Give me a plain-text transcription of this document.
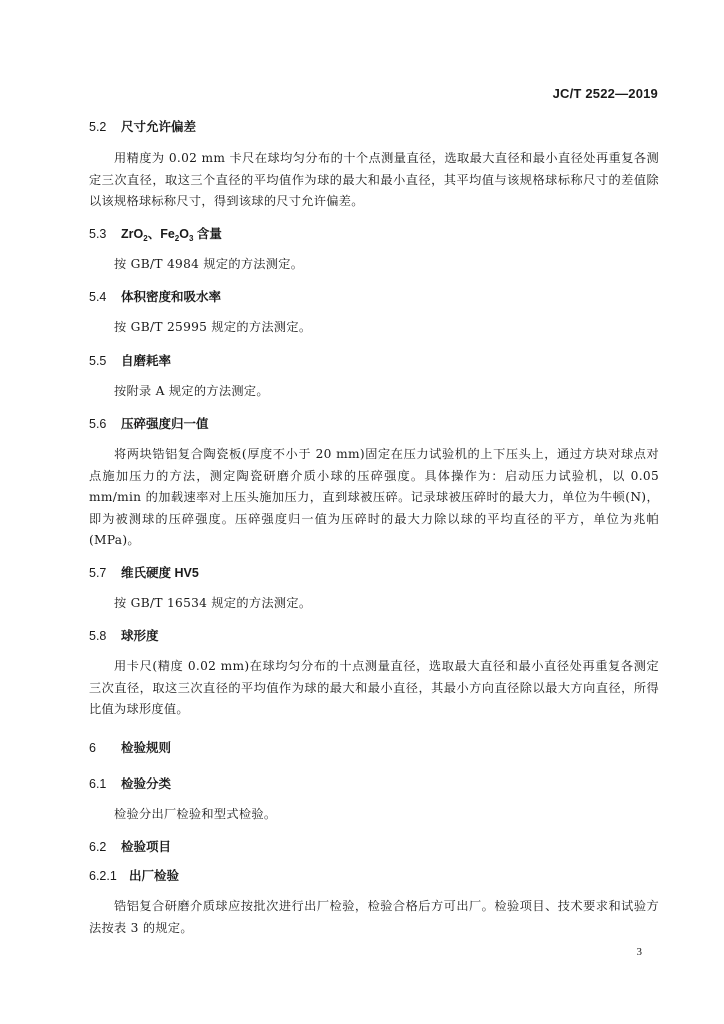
JC/T 2522—2019
5.2 尺寸允许偏差

用精度为 0.02 mm 卡尺在球均匀分布的十个点测量直径，选取最大直径和最小直径处再重复各测定三次直径，取这三个直径的平均值作为球的最大和最小直径，其平均值与该规格球标称尺寸的差值除以该规格球标称尺寸，得到该球的尺寸允许偏差。

5.3 ZrO$_2$、$Fe_2O_3$ 含量

按 GB/T 4984 规定的方法测定。

5.4 体积密度和吸水率

按 GB/T 25995 规定的方法测定。

5.5 自磨耗率

按附录 A 规定的方法测定。

5.6 压碎强度归一值

将两块锆铝复合陶瓷板(厚度不小于 20 mm)固定在压力试验机的上下压头上，通过方块对球点对点施加压力的方法，测定陶瓷研磨介质小球的压碎强度。具体操作为：启动压力试验机，以 0.05 mm/min 的加载速率对上压头施加压力，直到球被压碎。记录球被压碎时的最大力，单位为牛顿(N)，即为被测球的压碎强度。压碎强度归一值为压碎时的最大力除以球的平均直径的平方，单位为兆帕(MPa)。

5.7 维氏硬度 HV5

按 GB/T 16534 规定的方法测定。

5.8 球形度

用卡尺(精度 0.02 mm)在球均匀分布的十点测量直径，选取最大直径和最小直径处再重复各测定三次直径，取这三次直径的平均值作为球的最大和最小直径，其最小方向直径除以最大方向直径，所得比值为球形度值。

6 检验规则
6.1 检验分类

检验分出厂检验和型式检验。

6.2 检验项目
6.2.1 出厂检验

锆铝复合研磨介质球应按批次进行出厂检验，检验合格后方可出厂。检验项目、技术要求和试验方法按表 3 的规定。

3
